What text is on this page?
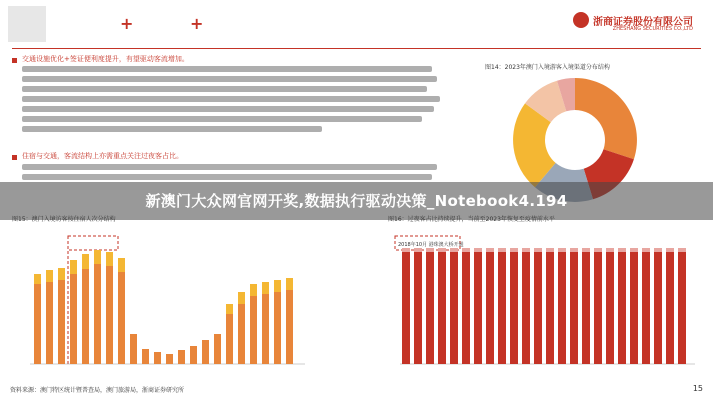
+	+	浙商证券股份有限公司
ZHESHANG SECURITIES CO.,LTD
交通设施优化+签证便利度提升，有望驱动客流增加。
住宿与交通，客流结构上亦需重点关注过夜客占比。
图14：2023年澳门入境游客入境渠道分布结构
新澳门大众网官网开奖,数据执行驱动决策_Notebook4.194
图15：澳门入境访客按住宿人次分结构	图16：过夜客占比持续提升，当前至2023年恢复至疫情前水平
2018年10月 港珠澳大桥开通
资料来源：澳门特区统计暨普查局，澳门旅游局，浙商证券研究所	15
